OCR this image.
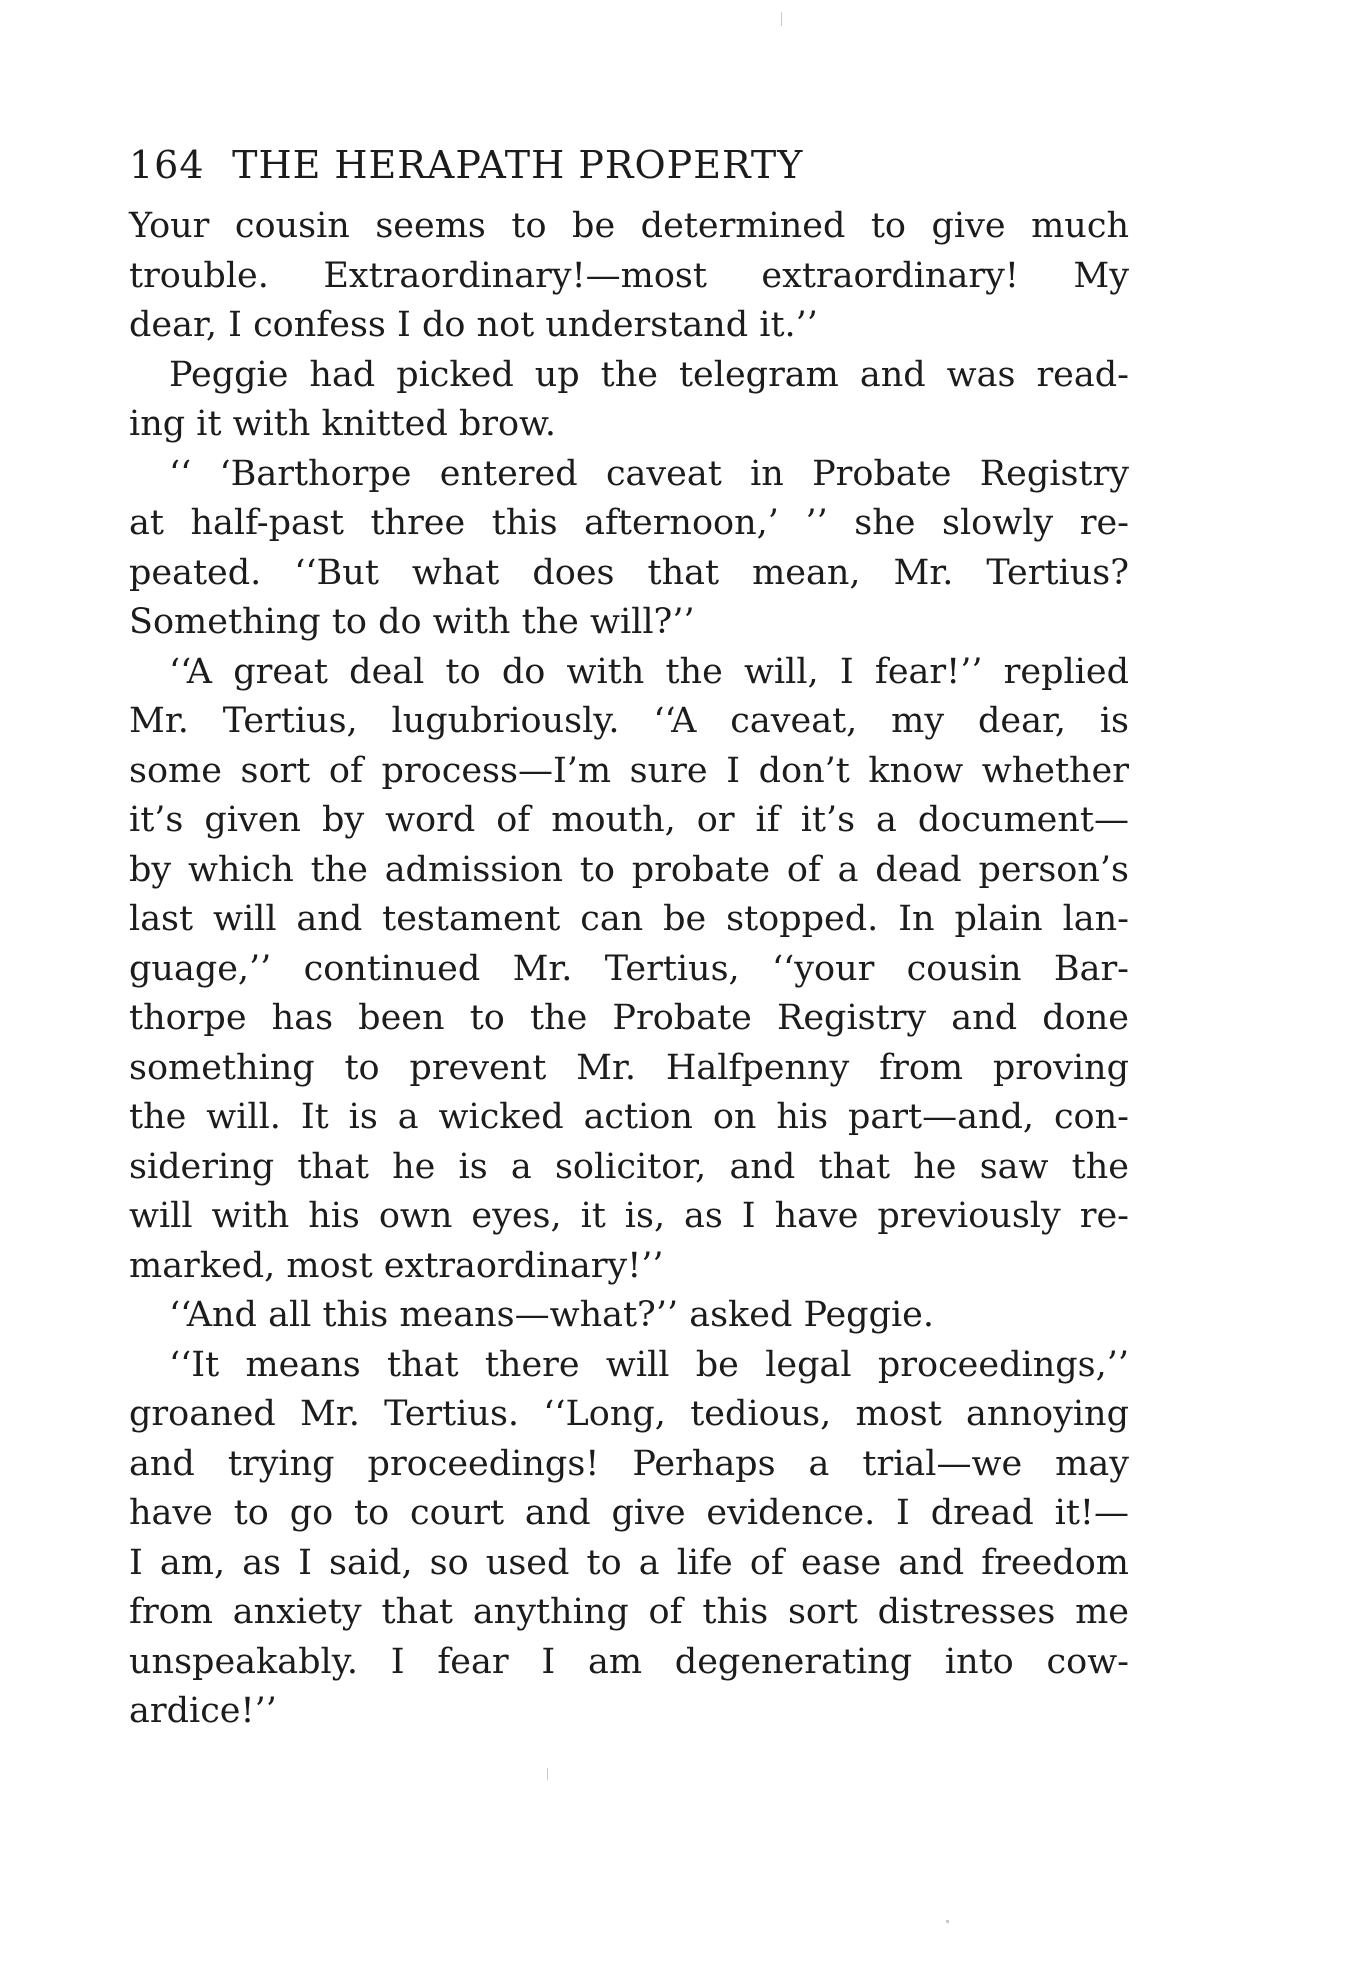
164 THE HERAPATH PROPERTY
Your cousin seems to be determined to give much
trouble. Extraordinary!—most extraordinary! My
dear, I confess I do not understand it.’’
Peggie had picked up the telegram and was read-
ing it with knitted brow.
‘‘ ‘Barthorpe entered caveat in Probate Registry
at half-past three this afternoon,’ ’’ she slowly re-
peated. ‘‘But what does that mean, Mr. Tertius?
Something to do with the will?’’
‘‘A great deal to do with the will, I fear!’’ replied
Mr. Tertius, lugubriously. ‘‘A caveat, my dear, is
some sort of process—I’m sure I don’t know whether
it’s given by word of mouth, or if it’s a document—
by which the admission to probate of a dead person’s
last will and testament can be stopped. In plain lan-
guage,’’ continued Mr. Tertius, ‘‘your cousin Bar-
thorpe has been to the Probate Registry and done
something to prevent Mr. Halfpenny from proving
the will. It is a wicked action on his part—and, con-
sidering that he is a solicitor, and that he saw the
will with his own eyes, it is, as I have previously re-
marked, most extraordinary!’’
‘‘And all this means—what?’’ asked Peggie.
‘‘It means that there will be legal proceedings,’’
groaned Mr. Tertius. ‘‘Long, tedious, most annoying
and trying proceedings! Perhaps a trial—we may
have to go to court and give evidence. I dread it!—
I am, as I said, so used to a life of ease and freedom
from anxiety that anything of this sort distresses me
unspeakably. I fear I am degenerating into cow-
ardice!’’
